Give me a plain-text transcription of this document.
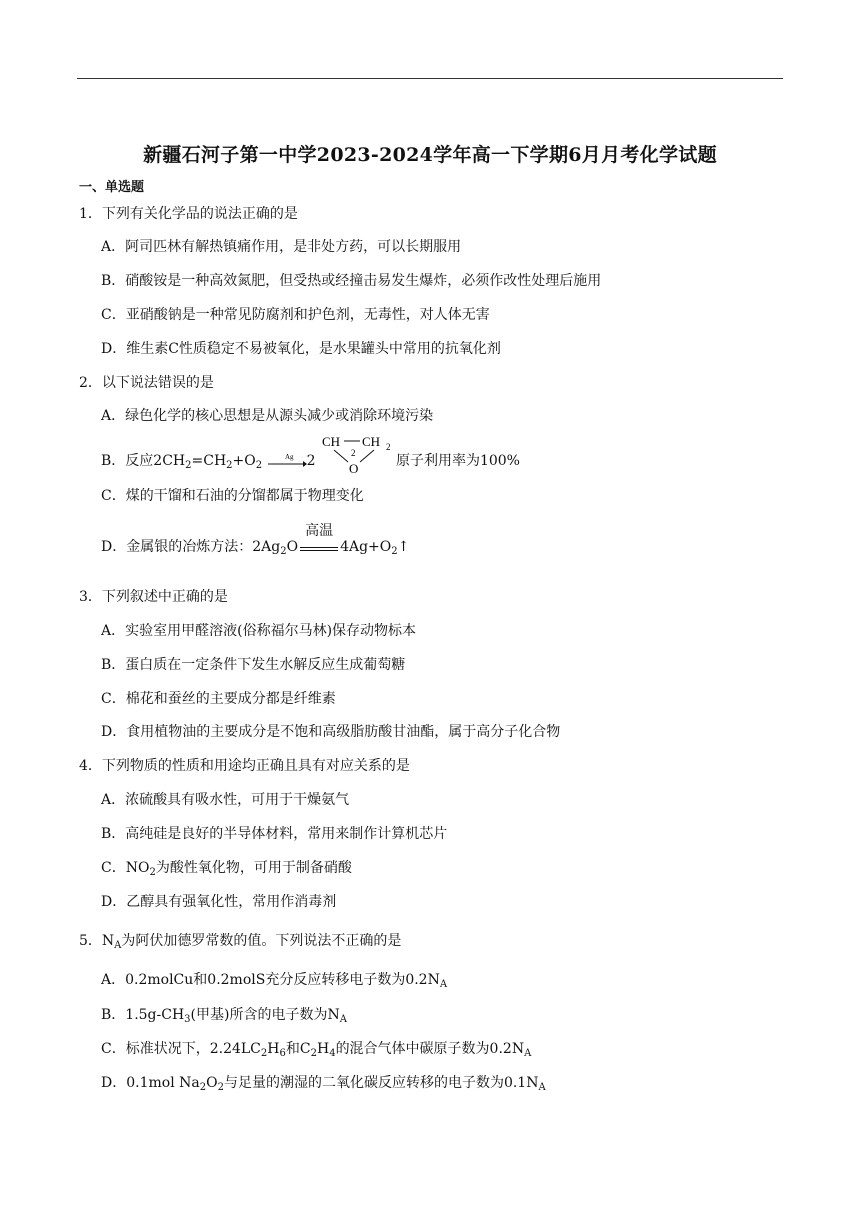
新疆石河子第一中学2023-2024学年高一下学期6月月考化学试题
一、单选题
1．下列有关化学品的说法正确的是
A．阿司匹林有解热镇痛作用，是非处方药，可以长期服用
B．硝酸铵是一种高效氮肥，但受热或经撞击易发生爆炸，必须作改性处理后施用
C．亚硝酸钠是一种常见防腐剂和护色剂，无毒性，对人体无害
D．维生素C性质稳定不易被氧化，是水果罐头中常用的抗氧化剂
2．以下说法错误的是
A．绿色化学的核心思想是从源头减少或消除环境污染
B．反应$2CH_2=CH_2+O_2$
Ag 2
CH CH
2
2
O	原子利用率为100%
C．煤的干馏和石油的分馏都属于物理变化
D．金属银的冶炼方法：$2Ag_2O$
高温
$4Ag+O_2↑$
3．下列叙述中正确的是
A．实验室用甲醛溶液(俗称福尔马林)保存动物标本
B．蛋白质在一定条件下发生水解反应生成葡萄糖
C．棉花和蚕丝的主要成分都是纤维素
D．食用植物油的主要成分是不饱和高级脂肪酸甘油酯，属于高分子化合物
4．下列物质的性质和用途均正确且具有对应关系的是
A．浓硫酸具有吸水性，可用于干燥氨气
B．高纯硅是良好的半导体材料，常用来制作计算机芯片
C．$NO_2$为酸性氧化物，可用于制备硝酸
D．乙醇具有强氧化性，常用作消毒剂
5．$N_A$为阿伏加德罗常数的值。下列说法不正确的是
A．0.2molCu和0.2molS充分反应转移电子数为$0.2N_A$
B．$1.5g-CH_3$(甲基)所含的电子数为$N_A$
C．标准状况下，$2.24LC_2H_6$和$C_2H_4$的混合气体中碳原子数为$0.2N_A$
D．0.1mol $Na_2O_2$与足量的潮湿的二氧化碳反应转移的电子数为$0.1N_A$
